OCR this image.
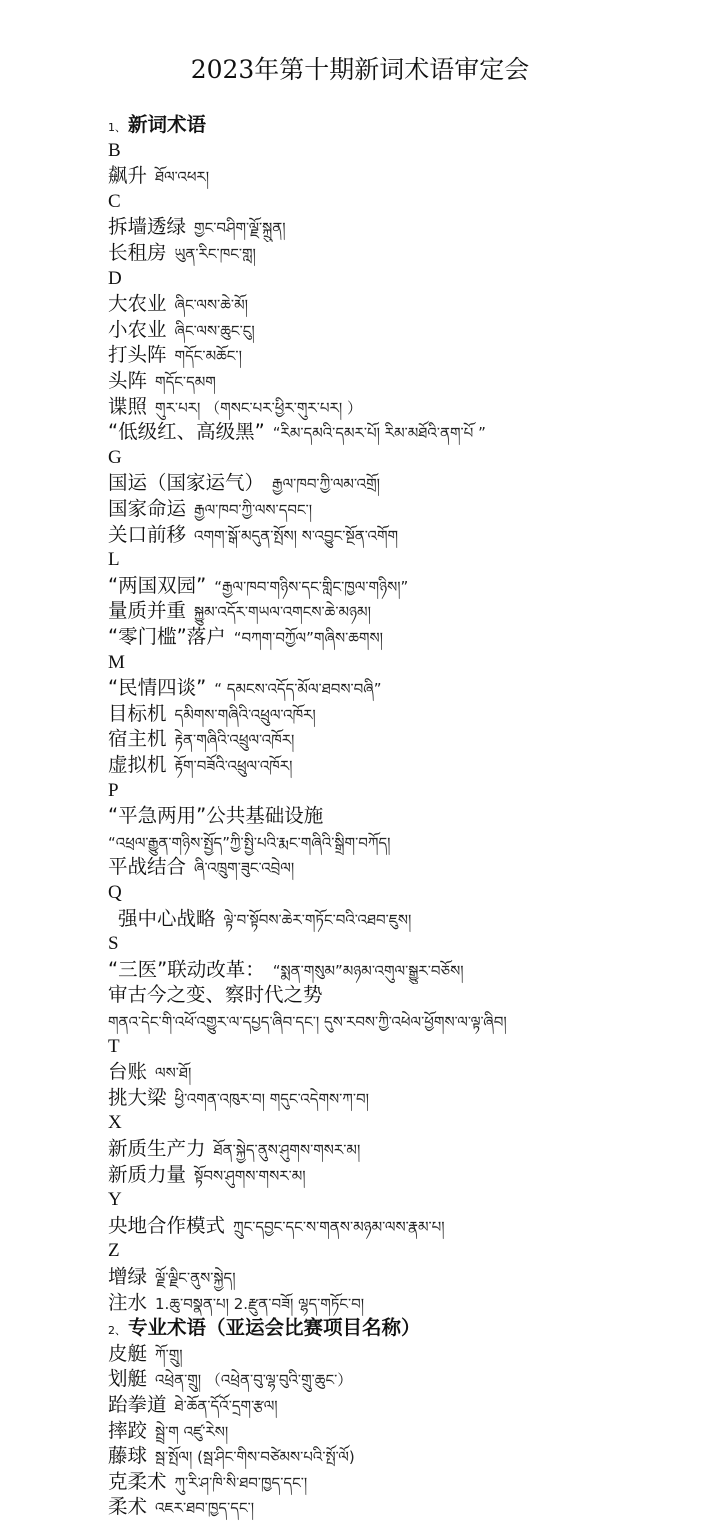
2023年第十期新词术语审定会
1、 新词术语
B
飙升 ཐོལ་འཕར།
C
拆墙透绿 གྱང་བཤིག་ལྗོ་སྐྲུན།
长租房 ཡུན་རིང་ཁང་གླ།
D
大农业 ཞིང་ལས་ཆེ་མོ།
小农业 ཞིང་ལས་ཆུང་ངུ།
打头阵 གདོང་མཆོང་།
头阵 གདོང་དམག
谍照 གུར་པར། （གསང་པར་ཕྱིར་གུར་པར། ）
“低级红、高级黑” “རིམ་དམའི་དམར་པོ། རིམ་མཐོའི་ནག་པོ ”
G
国运（国家运气） རྒྱལ་ཁབ་ཀྱི་ལམ་འགྲོ།
国家命运 རྒྱལ་ཁབ་ཀྱི་ལས་དབང་།
关口前移 འགག་སྒོ་མདུན་སྤོས། ས་འབྱུང་སྔོན་འགོག
L
“两国双园” “རྒྱལ་ཁབ་གཉིས་དང་གླིང་ཁྱལ་གཉིས།”
量质并重 སྐྱུམ་འདོར་གཡལ་འགངས་ཆེ་མཉམ།
“零门槛”落户 “བཀག་བཀྱོལ”གཞིས་ཆགས།
M
“民情四谈” “ དམངས་འདོད་མོལ་ཐབས་བཞི”
目标机 དམིགས་གཞིའི་འཕྲུལ་འཁོར།
宿主机 རྟེན་གཞིའི་འཕྲུལ་འཁོར།
虚拟机 རྟོག་བཟོའི་འཕྲུལ་འཁོར།
P
“平急两用”公共基础设施
“འཕྲལ་རྒྱུན་གཉིས་སྤྱོད”ཀྱི་སྤྱི་པའི་རྨང་གཞིའི་སྒྲིག་བཀོད།
平战结合 ཞི་འཁྲུག་ཟུང་འབྲེལ།
Q
强中心战略 ལྟེ་བ་སྟོབས་ཆེར་གཏོང་བའི་འཐབ་ཇུས།
S
“三医”联动改革： “སྨན་གསུམ”མཉམ་འགུལ་སྒྱུར་བཅོས།
审古今之变、察时代之势
གནའ་དེང་གི་འཕོ་འགྱུར་ལ་དཔྱད་ཞིབ་དང་། དུས་རབས་ཀྱི་འཕེལ་ཕྱོགས་ལ་ལྟ་ཞིབ།
T
台账 ལས་ཐོ།
挑大梁 ཕྱི་འགན་འཁུར་བ། གདུང་འདེགས་ཀ་བ།
X
新质生产力 ཐོན་སྐྱེད་ནུས་ཤུགས་གསར་མ།
新质力量 སྟོབས་ཤུགས་གསར་མ།
Y
央地合作模式 ཀྲུང་དབྱང་དང་ས་གནས་མཉམ་ལས་རྣམ་པ།
Z
增绿 ལྗོ་ལྗིང་ནུས་སྐྱེད།
注水 1.ཆུ་བསྣན་པ། 2.རྫུན་བཟོ། ལྷད་གཏོང་བ།
2、 专业术语（亚运会比赛项目名称）
皮艇 ཀོ་གྲུ།
划艇 འཕྲེན་གྲུ། （འཕྲེན་བུ་ལྷ་བུའི་གྲུ་ཆུང་）
跆拳道 ཐེ་ཆོན་དོའོ་དྲག་རྩལ།
摔跤 སྦྲེ་ག འཛུ་རེས།
藤球 སྦ་སྤོལ། (སྦ་ཤིང་གིས་བཙེམས་པའི་སྤོ་ལོ)
克柔术 ཀུ་རི་ཤ་ཁི་སི་ཐབ་ཁྱད་དང་།
柔术 འཇར་ཐབ་ཁྱད་དང་།
